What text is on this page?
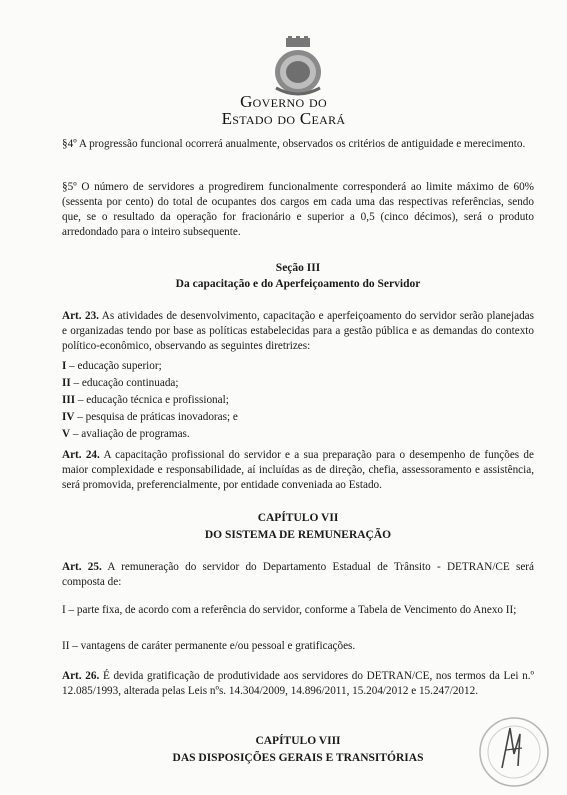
Governo do
Estado do Ceará
§4º A progressão funcional ocorrerá anualmente, observados os critérios de antiguidade e merecimento.
§5º O número de servidores a progredirem funcionalmente corresponderá ao limite máximo de 60% (sessenta por cento) do total de ocupantes dos cargos em cada uma das respectivas referências, sendo que, se o resultado da operação for fracionário e superior a 0,5 (cinco décimos), será o produto arredondado para o inteiro subsequente.
Seção III
Da capacitação e do Aperfeiçoamento do Servidor
Art. 23. As atividades de desenvolvimento, capacitação e aperfeiçoamento do servidor serão planejadas e organizadas tendo por base as políticas estabelecidas para a gestão pública e as demandas do contexto político-econômico, observando as seguintes diretrizes:
I – educação superior;
II – educação continuada;
III – educação técnica e profissional;
IV – pesquisa de práticas inovadoras; e
V – avaliação de programas.
Art. 24. A capacitação profissional do servidor e a sua preparação para o desempenho de funções de maior complexidade e responsabilidade, aí incluídas as de direção, chefia, assessoramento e assistência, será promovida, preferencialmente, por entidade conveniada ao Estado.
CAPÍTULO VII
DO SISTEMA DE REMUNERAÇÃO
Art. 25. A remuneração do servidor do Departamento Estadual de Trânsito - DETRAN/CE será composta de:
I – parte fixa, de acordo com a referência do servidor, conforme a Tabela de Vencimento do Anexo II;
II – vantagens de caráter permanente e/ou pessoal e gratificações.
Art. 26. É devida gratificação de produtividade aos servidores do DETRAN/CE, nos termos da Lei n.º 12.085/1993, alterada pelas Leis nºs. 14.304/2009, 14.896/2011, 15.204/2012 e 15.247/2012.
CAPÍTULO VIII
DAS DISPOSIÇÕES GERAIS E TRANSITÓRIAS
